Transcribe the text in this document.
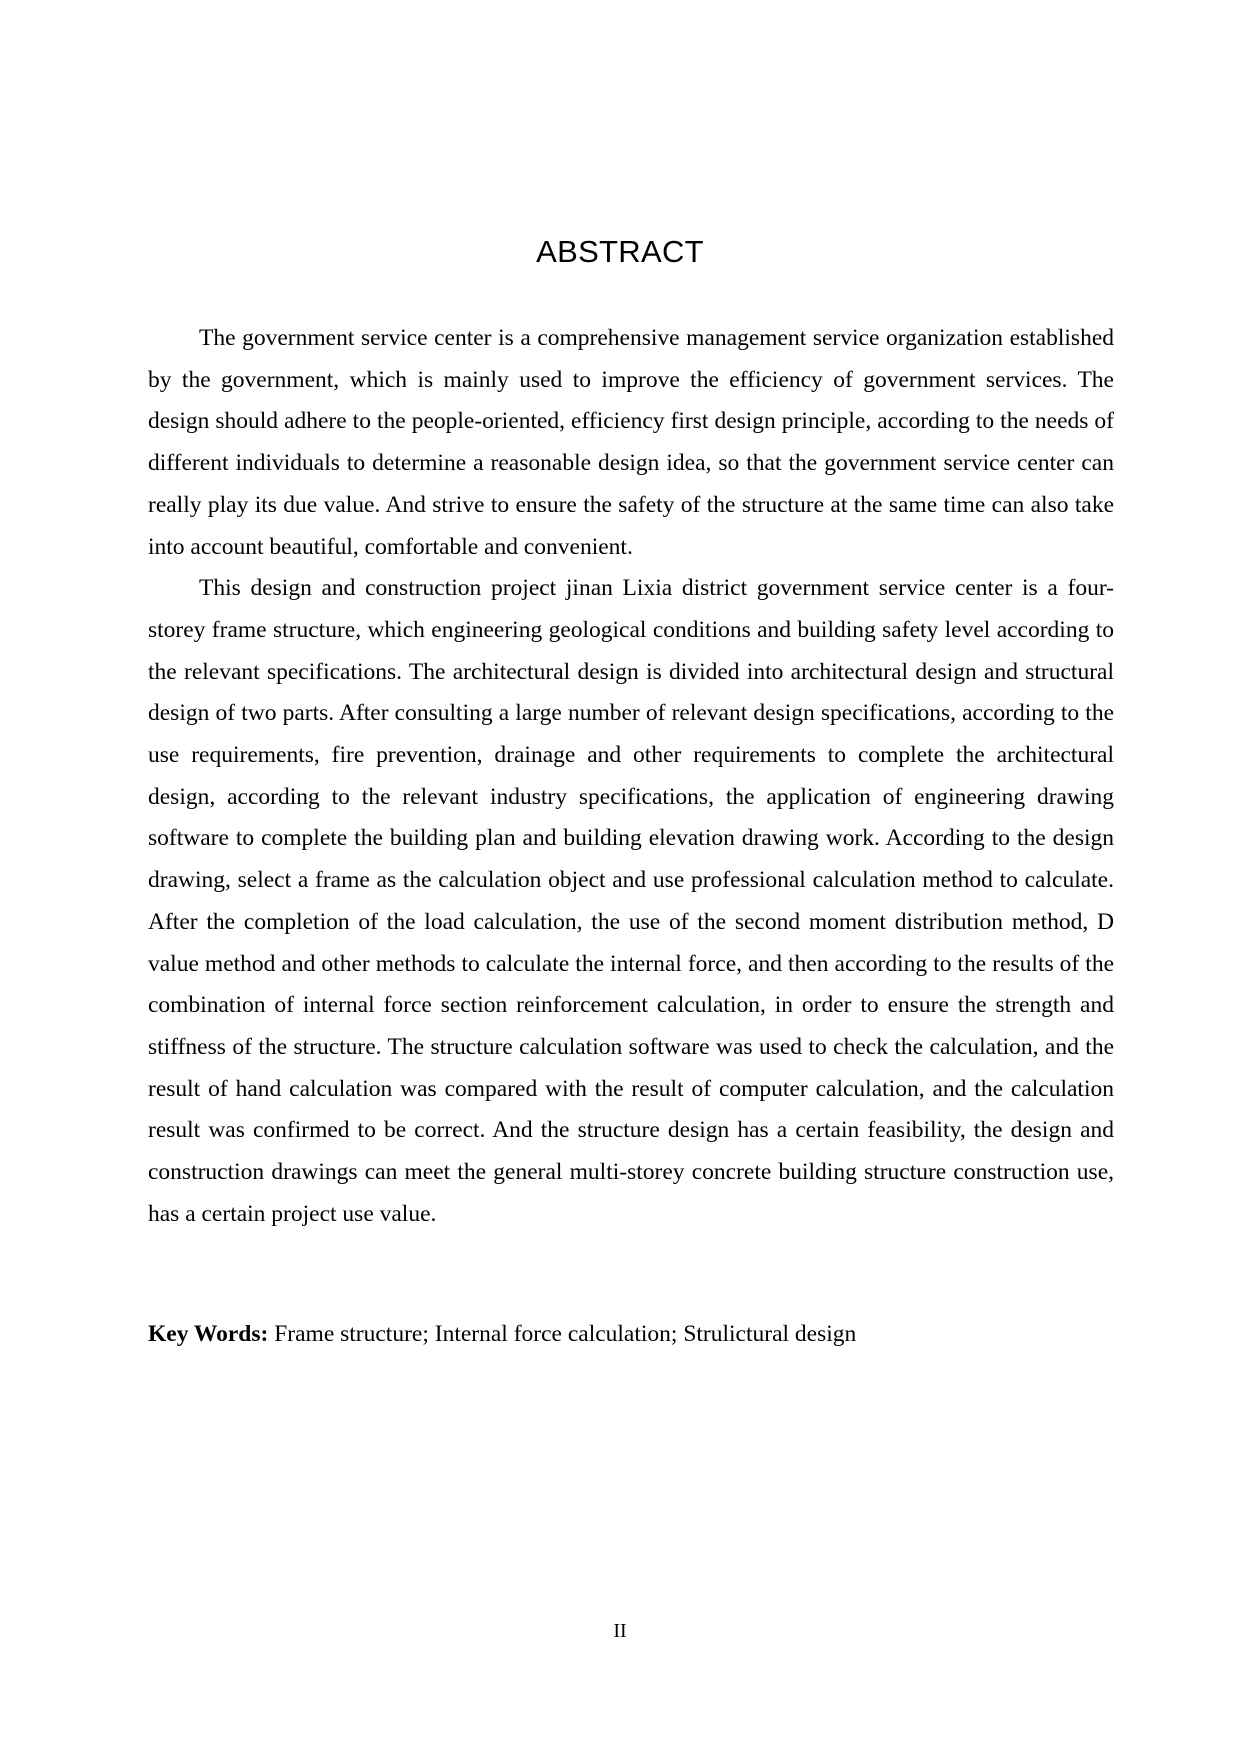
ABSTRACT

The government service center is a comprehensive management service organization established by the government, which is mainly used to improve the efficiency of government services. The design should adhere to the people-oriented, efficiency first design principle, according to the needs of different individuals to determine a reasonable design idea, so that the government service center can really play its due value. And strive to ensure the safety of the structure at the same time can also take into account beautiful, comfortable and convenient.

This design and construction project jinan Lixia district government service center is a four-storey frame structure, which engineering geological conditions and building safety level according to the relevant specifications. The architectural design is divided into architectural design and structural design of two parts. After consulting a large number of relevant design specifications, according to the use requirements, fire prevention, drainage and other requirements to complete the architectural design, according to the relevant industry specifications, the application of engineering drawing software to complete the building plan and building elevation drawing work. According to the design drawing, select a frame as the calculation object and use professional calculation method to calculate. After the completion of the load calculation, the use of the second moment distribution method, D value method and other methods to calculate the internal force, and then according to the results of the combination of internal force section reinforcement calculation, in order to ensure the strength and stiffness of the structure. The structure calculation software was used to check the calculation, and the result of hand calculation was compared with the result of computer calculation, and the calculation result was confirmed to be correct. And the structure design has a certain feasibility, the design and construction drawings can meet the general multi-storey concrete building structure construction use, has a certain project use value.

Key Words: Frame structure; Internal force calculation; Strulictural design
II
